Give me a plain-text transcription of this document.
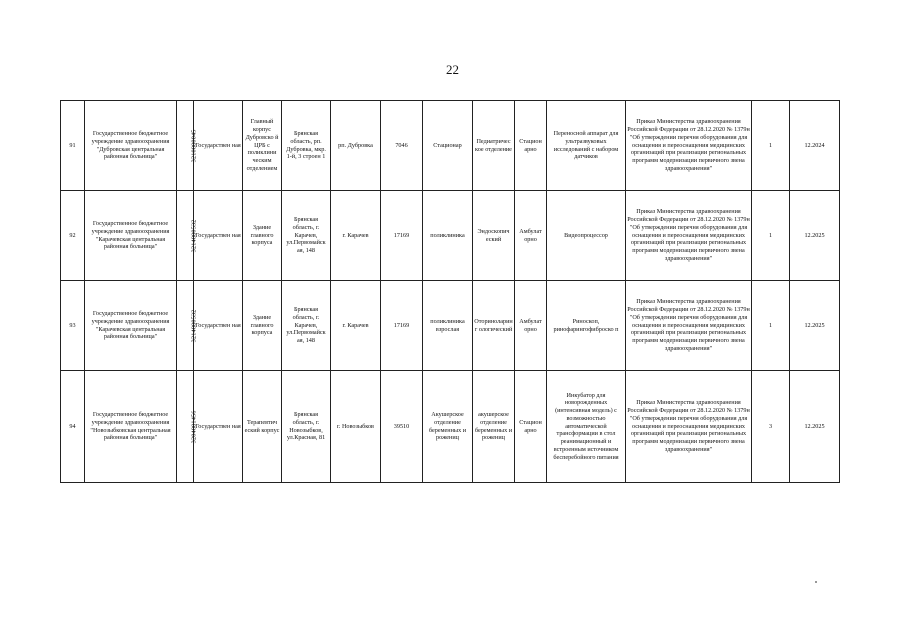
22
91	Государственное бюджетное учреждение здравоохранения "Дубровская центральная районная больница"	3210000045	Государствен ная	Главный корпус Дубровско й ЦРБ с поликлини ческим отделением	Брянская область, рп. Дубровка, мкр. 1-й, 3 строен 1	рп. Дубровка	7046	Стационар	Педиатричес кое отделение	Стацион арно	Переносной аппарат для ультразвуковых исследований с набором датчиков	Приказ Министерства здравоохранения Российской Федерации от 28.12.2020 № 1379н "Об утверждении перечня оборудования для оснащения и переоснащения медицинских организаций при реализации региональных программ модернизации первичного звена здравоохранения"	1	12.2024
92	Государственное бюджетное учреждение здравоохранения "Карачевская центральная районная больница"	3214000532	Государствен ная	Здание главного корпуса	Брянская область, г. Карачев, ул.Первомайск ая, 148	г. Карачев	17169	поликлиника	Эндоскопич еский	Амбулат орно	Видеопроцессор	Приказ Министерства здравоохранения Российской Федерации от 28.12.2020 № 1379н "Об утверждении перечня оборудования для оснащения и переоснащения медицинских организаций при реализации региональных программ модернизации первичного звена здравоохранения"	1	12.2025
93	Государственное бюджетное учреждение здравоохранения "Карачевская центральная районная больница"	3214000532	Государствен ная	Здание главного корпуса	Брянская область, г. Карачев, ул.Первомайск ая, 148	г. Карачев	17169	поликлиника взрослая	Оториноларинг ологический	Амбулат орно	Риноскоп, ринофарингофиброско п	Приказ Министерства здравоохранения Российской Федерации от 28.12.2020 № 1379н "Об утверждении перечня оборудования для оснащения и переоснащения медицинских организаций при реализации региональных программ модернизации первичного звена здравоохранения"	1	12.2025
94	Государственное бюджетное учреждение здравоохранения "Новозыбковская центральная районная больница"	3204001456	Государствен ная	Терапевтич еский корпус	Брянская область, г. Новозыбков, ул.Красная, 81	г. Новозыбков	39510	Акушерское отделение беременных и рожениц	акушерское отделение беременных и рожениц	Стацион арно	Инкубатор для новорожденных (интенсивная модель) с возможностью автоматической трансформации в стол реанимационный и встроенным источником бесперебойного питания	Приказ Министерства здравоохранения Российской Федерации от 28.12.2020 № 1379н "Об утверждении перечня оборудования для оснащения и переоснащения медицинских организаций при реализации региональных программ модернизации первичного звена здравоохранения"	3	12.2025
